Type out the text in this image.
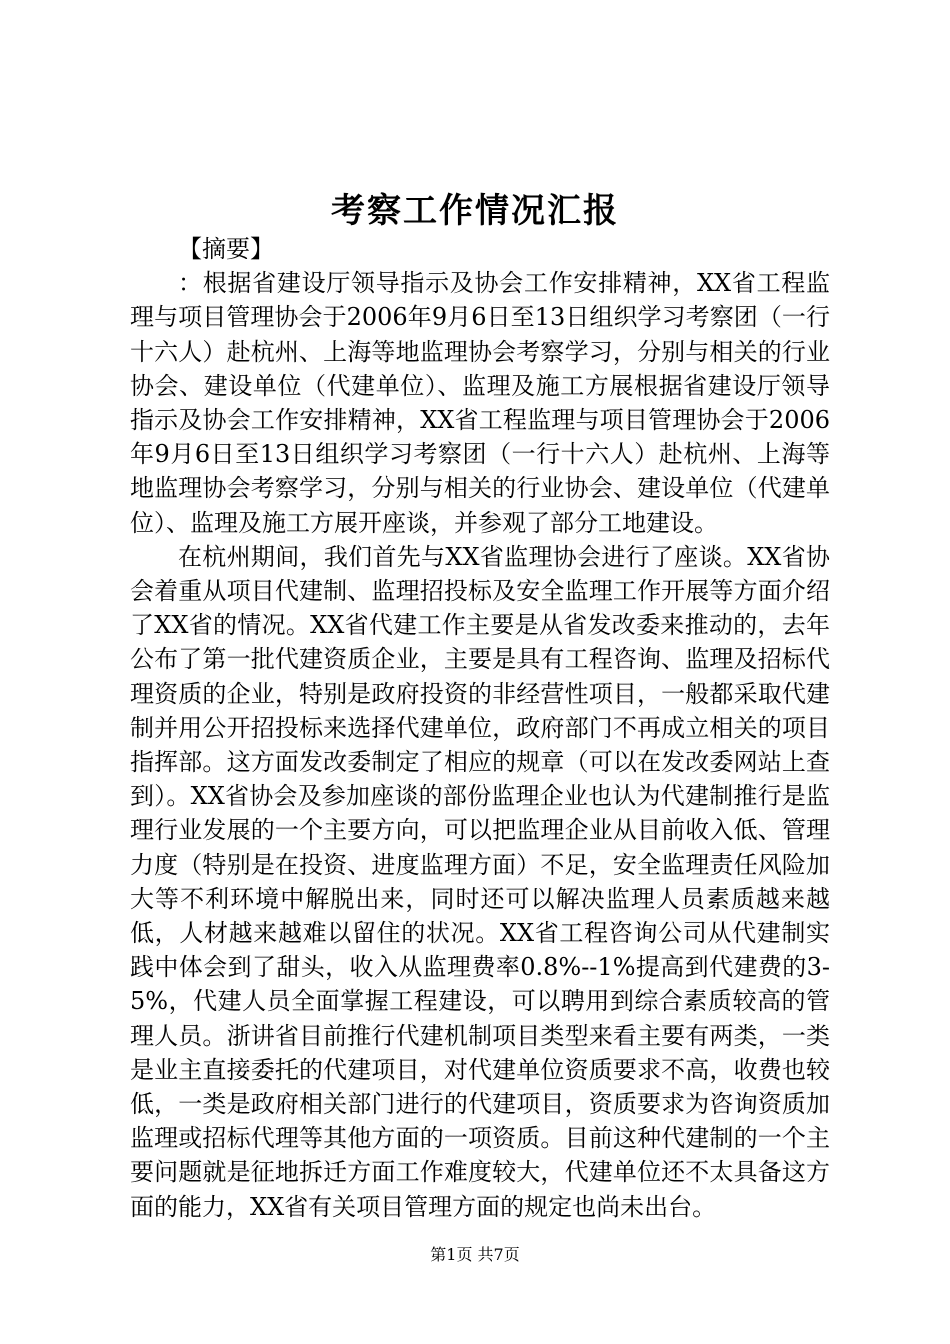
考察工作情况汇报

【摘要】

：根据省建设厅领导指示及协会工作安排精神，XX省工程监理与项目管理协会于2006年9月6日至13日组织学习考察团（一行十六人）赴杭州、上海等地监理协会考察学习，分别与相关的行业协会、建设单位（代建单位）、监理及施工方展根据省建设厅领导指示及协会工作安排精神，XX省工程监理与项目管理协会于2006年9月6日至13日组织学习考察团（一行十六人）赴杭州、上海等地监理协会考察学习，分别与相关的行业协会、建设单位（代建单位）、监理及施工方展开座谈，并参观了部分工地建设。

在杭州期间，我们首先与XX省监理协会进行了座谈。XX省协会着重从项目代建制、监理招投标及安全监理工作开展等方面介绍了XX省的情况。XX省代建工作主要是从省发改委来推动的，去年公布了第一批代建资质企业，主要是具有工程咨询、监理及招标代理资质的企业，特别是政府投资的非经营性项目，一般都采取代建制并用公开招投标来选择代建单位，政府部门不再成立相关的项目指挥部。这方面发改委制定了相应的规章（可以在发改委网站上查到）。XX省协会及参加座谈的部份监理企业也认为代建制推行是监理行业发展的一个主要方向，可以把监理企业从目前收入低、管理力度（特别是在投资、进度监理方面）不足，安全监理责任风险加大等不利环境中解脱出来，同时还可以解决监理人员素质越来越低，人材越来越难以留住的状况。XX省工程咨询公司从代建制实践中体会到了甜头，收入从监理费率0.8%--1%提高到代建费的3-5%，代建人员全面掌握工程建设，可以聘用到综合素质较高的管理人员。浙讲省目前推行代建机制项目类型来看主要有两类，一类是业主直接委托的代建项目，对代建单位资质要求不高，收费也较低，一类是政府相关部门进行的代建项目，资质要求为咨询资质加监理或招标代理等其他方面的一项资质。目前这种代建制的一个主要问题就是征地拆迁方面工作难度较大，代建单位还不太具备这方面的能力，XX省有关项目管理方面的规定也尚未出台。

第1页 共7页
